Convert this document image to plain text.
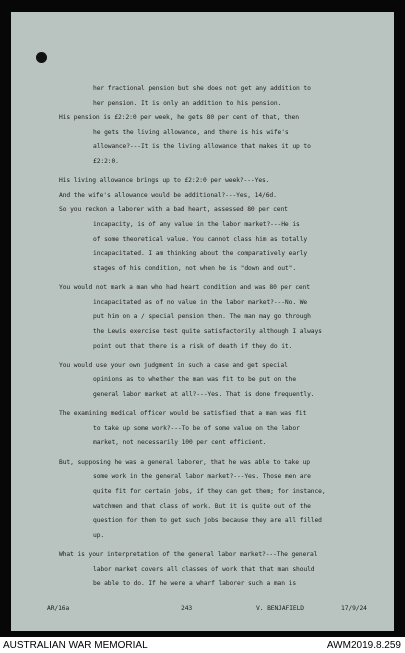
her fractional pension but she does not get any addition to
her pension. It is only an addition to his pension.
His pension is £2:2:0 per week, he gets 80 per cent of that, then
he gets the living allowance, and there is his wife's
allowance?---It is the living allowance that makes it up to
£2:2:0.
His living allowance brings up to £2:2:0 per week?---Yes.
And the wife's allowance would be additional?---Yes, 14/6d.
So you reckon a laborer with a bad heart, assessed 80 per cent
incapacity, is of any value in the labor market?---He is
of some theoretical value. You cannot class him as totally
incapacitated. I am thinking about the comparatively early
stages of his condition, not when he is "down and out".
You would not mark a man who had heart condition and was 80 per cent
incapacitated as of no value in the labor market?---No. We
put him on a / special pension then. The man may go through
the Lewis exercise test quite satisfactorily although I always
point out that there is a risk of death if they do it.
You would use your own judgment in such a case and get special
opinions as to whether the man was fit to be put on the
general labor market at all?---Yes. That is done frequently.
The examining medical officer would be satisfied that a man was fit
to take up some work?---To be of some value on the labor
market, not necessarily 100 per cent efficient.
But, supposing he was a general laborer, that he was able to take up
some work in the general labor market?---Yes. Those men are
quite fit for certain jobs, if they can get them; for instance,
watchmen and that class of work. But it is quite out of the
question for them to get such jobs because they are all filled
up.
What is your interpretation of the general labor market?---The general
labor market covers all classes of work that that man should
be able to do. If he were a wharf laborer such a man is
AR/16a	243	V. BENJAFIELD	17/9/24
AUSTRALIAN WAR MEMORIAL	AWM2019.8.259
